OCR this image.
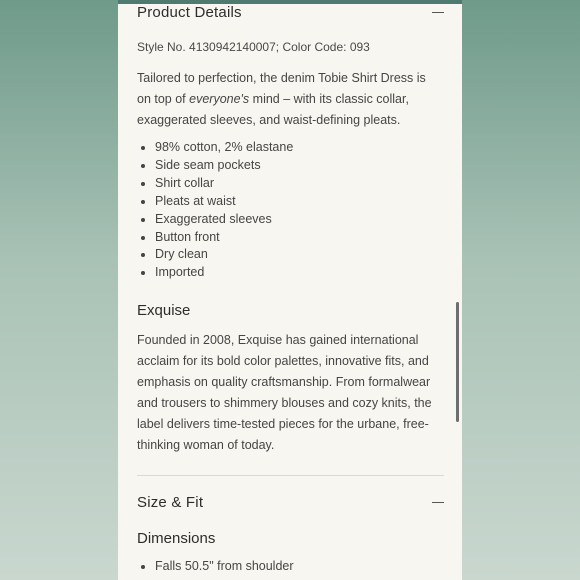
Product Details
Style No. 4130942140007; Color Code: 093

Tailored to perfection, the denim Tobie Shirt Dress is on top of everyone's mind – with its classic collar, exaggerated sleeves, and waist-defining pleats.

• 98% cotton, 2% elastane
• Side seam pockets
• Shirt collar
• Pleats at waist
• Exaggerated sleeves
• Button front
• Dry clean
• Imported
Exquise

Founded in 2008, Exquise has gained international acclaim for its bold color palettes, innovative fits, and emphasis on quality craftsmanship. From formalwear and trousers to shimmery blouses and cozy knits, the label delivers time-tested pieces for the urbane, free-thinking woman of today.

Size & Fit
Dimensions
• Falls 50.5" from shoulder
